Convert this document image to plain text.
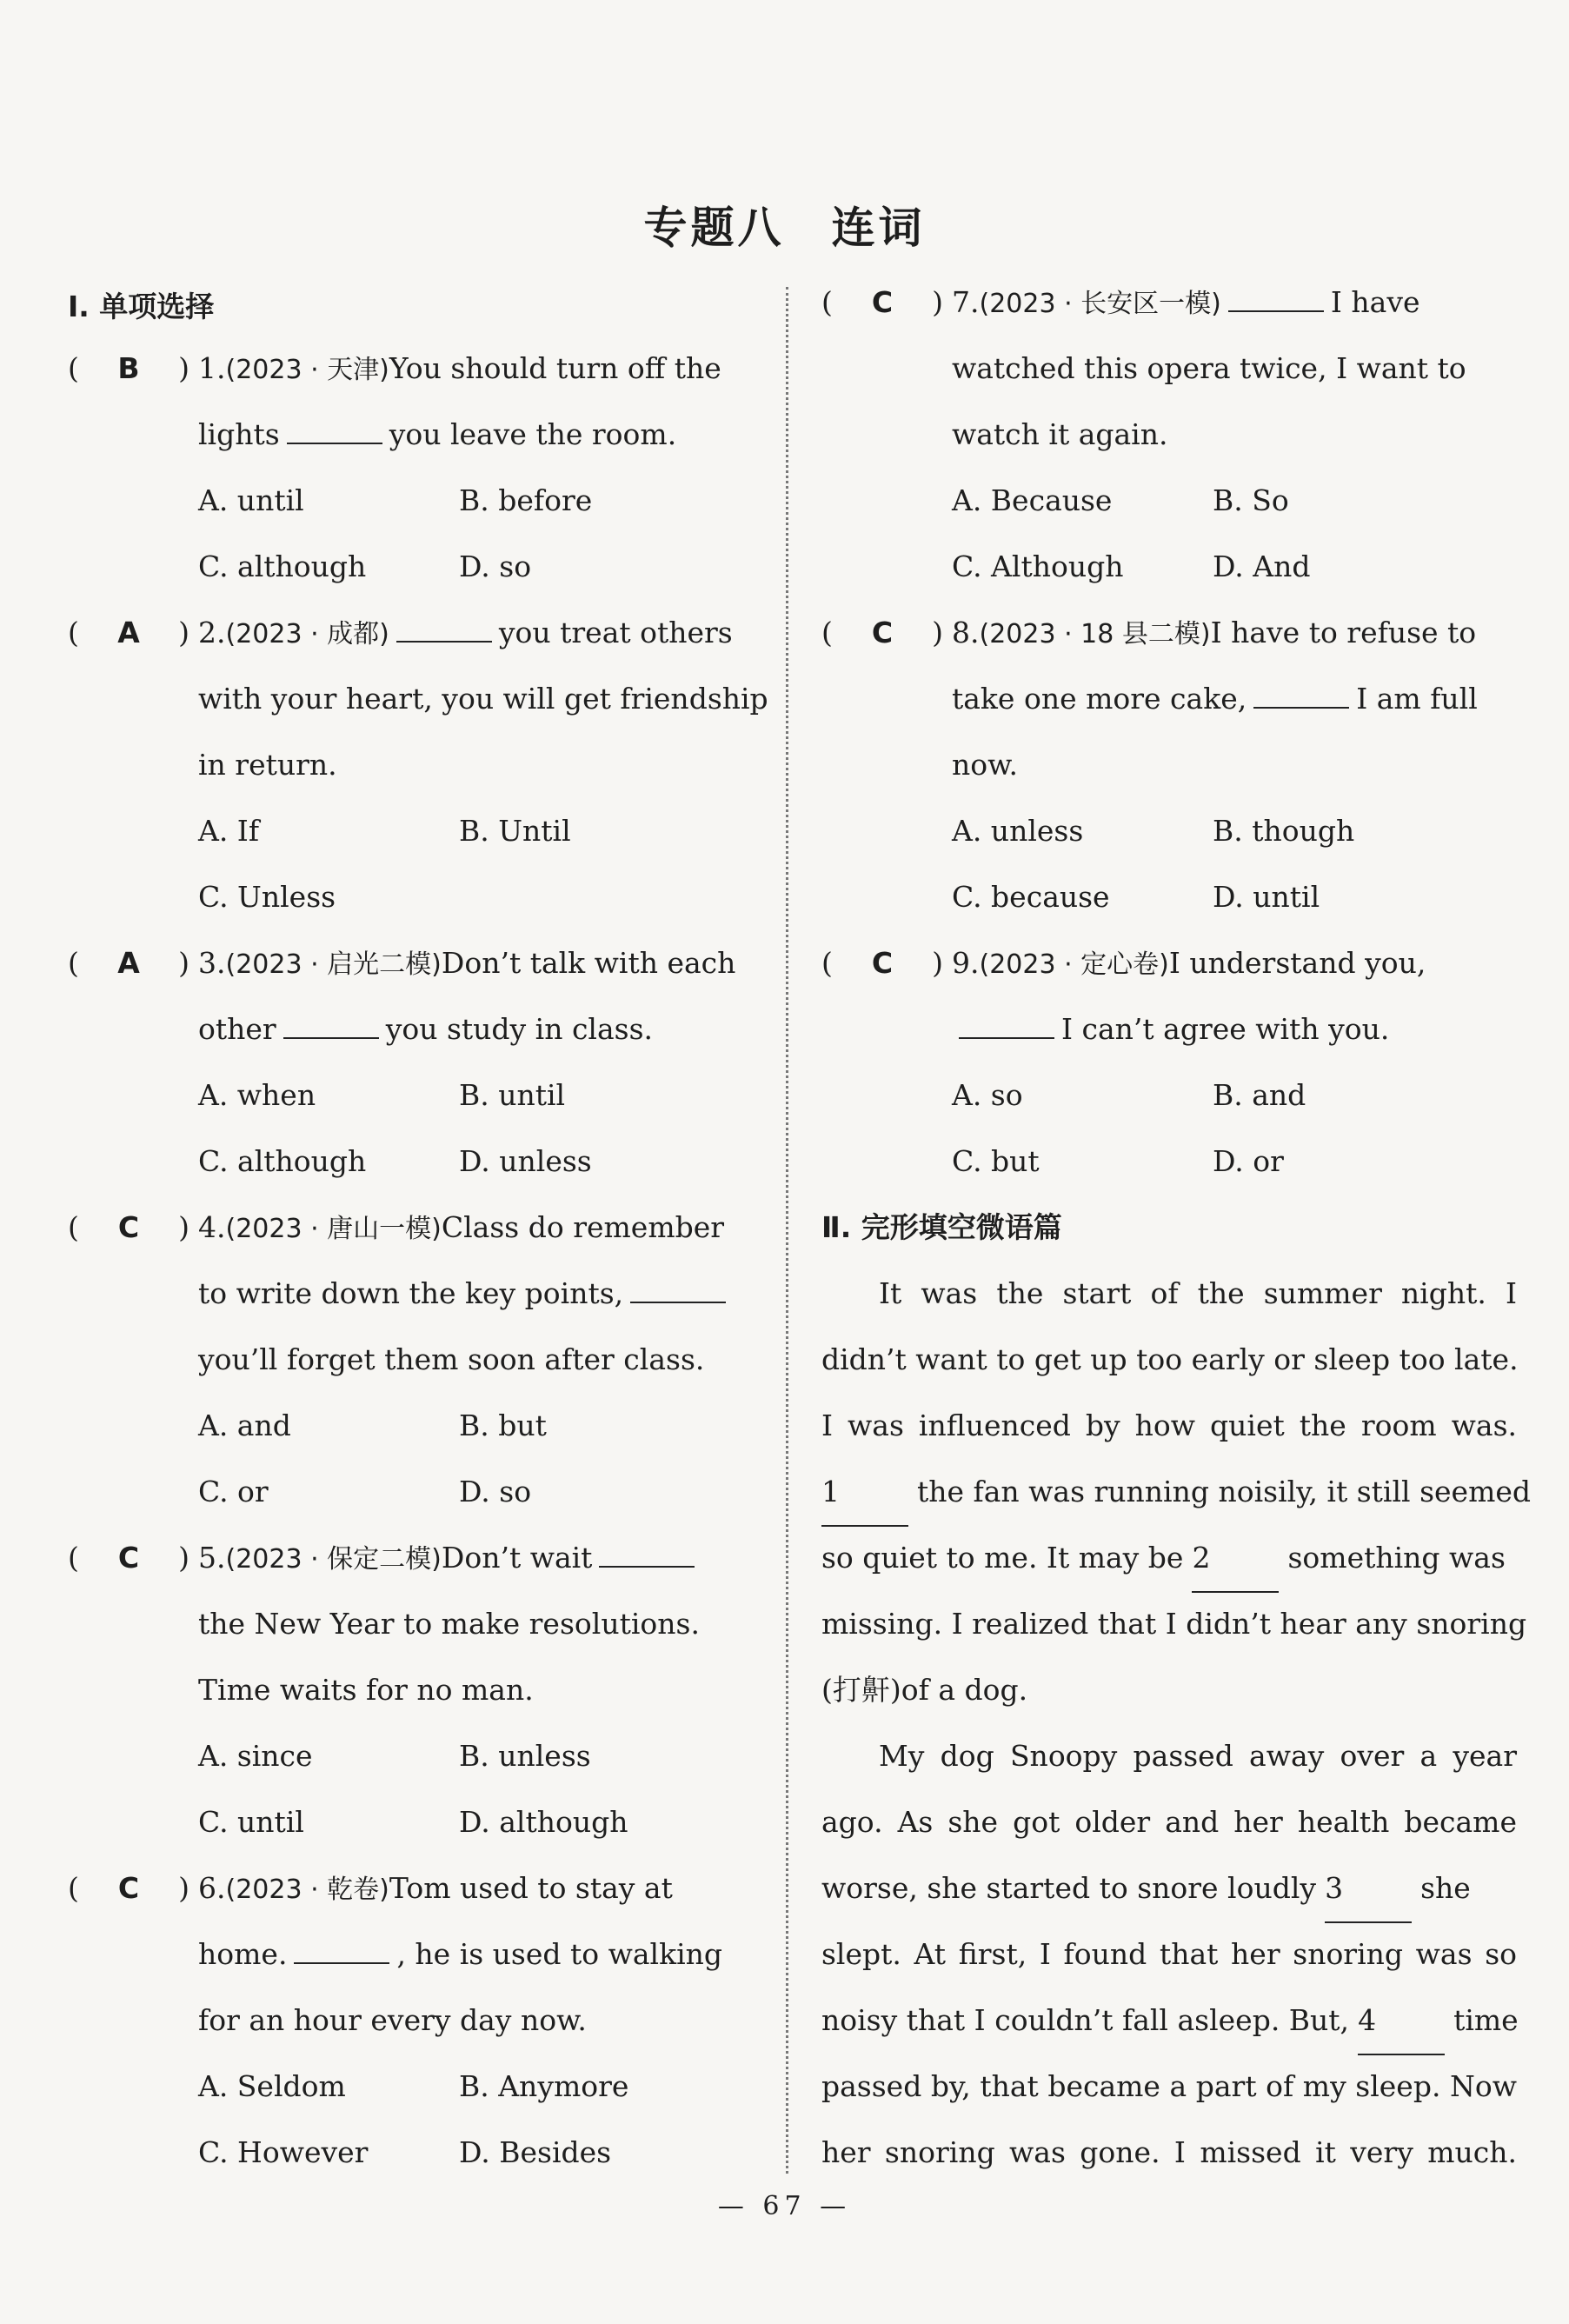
专题八　连词
Ⅰ. 单项选择
( B ) 1.(2023 · 天津)You should turn off the
lights	you leave the room.
A. until	B. before
C. although	D. so
( A ) 2.(2023 · 成都)	you treat others
with your heart, you will get friendship
in return.
A. If	B. Until
C. Unless
( A ) 3.(2023 · 启光二模)Don’t talk with each
other	you study in class.
A. when	B. until
C. although	D. unless
( C ) 4.(2023 · 唐山一模)Class do remember
to write down the key points,
you’ll forget them soon after class.
A. and	B. but
C. or	D. so
( C ) 5.(2023 · 保定二模)Don’t wait
the New Year to make resolutions.
Time waits for no man.
A. since	B. unless
C. until	D. although
( C ) 6.(2023 · 乾卷)Tom used to stay at
home.	, he is used to walking
for an hour every day now.
A. Seldom	B. Anymore
C. However	D. Besides
( C ) 7.(2023 · 长安区一模)	I have
watched this opera twice, I want to
watch it again.
A. Because	B. So
C. Although	D. And
( C ) 8.(2023 · 18 县二模)I have to refuse to
take one more cake,	I am full
now.
A. unless	B. though
C. because	D. until
( C ) 9.(2023 · 定心卷)I understand you,
I can’t agree with you.
A. so	B. and
C. but	D. or
Ⅱ. 完形填空微语篇
It was the start of the summer night. I
didn’t want to get up too early or sleep too late.
I was influenced by how quiet the room was.
1	the fan was running noisily, it still seemed
so quiet to me. It may be 2	something was
missing. I realized that I didn’t hear any snoring
(打鼾)of a dog.
My dog Snoopy passed away over a year
ago. As she got older and her health became
worse, she started to snore loudly 3	she
slept. At first, I found that her snoring was so
noisy that I couldn’t fall asleep. But, 4	time
passed by, that became a part of my sleep. Now
her snoring was gone. I missed it very much.
— 67 —
